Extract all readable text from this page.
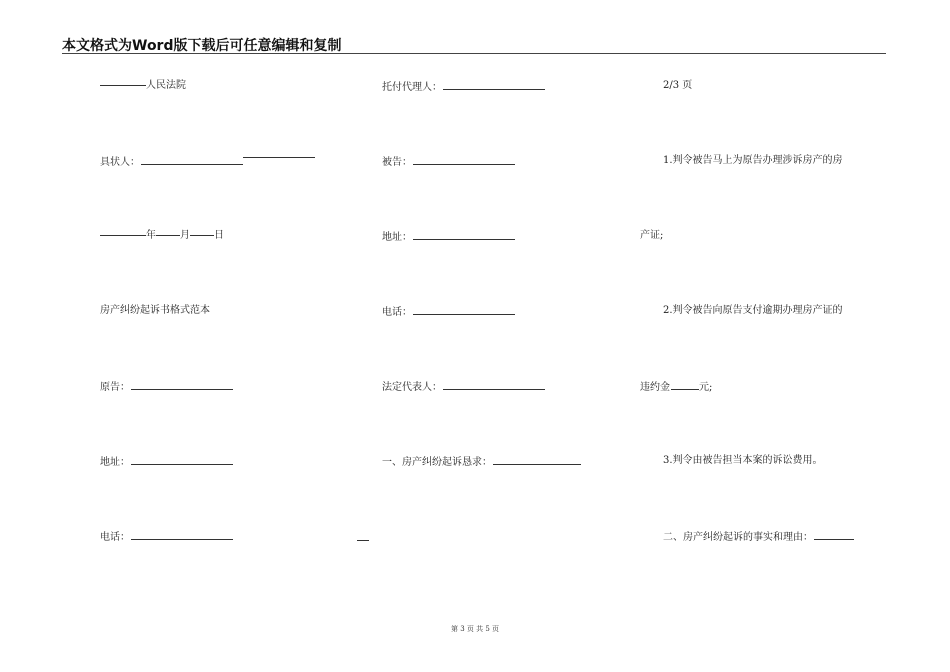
本文格式为Word版下载后可任意编辑和复制
人民法院
具状人：
年 月 日
房产纠纷起诉书格式范本
原告：
地址：
电话：
托付代理人：
被告：
地址：
电话：
法定代表人：
一、房产纠纷起诉恳求：
2/3 页
1.判令被告马上为原告办理涉诉房产的房
产证;
2.判令被告向原告支付逾期办理房产证的
违约金	元;
3.判令由被告担当本案的诉讼费用。
二、房产纠纷起诉的事实和理由：
第 3 页 共 5 页
